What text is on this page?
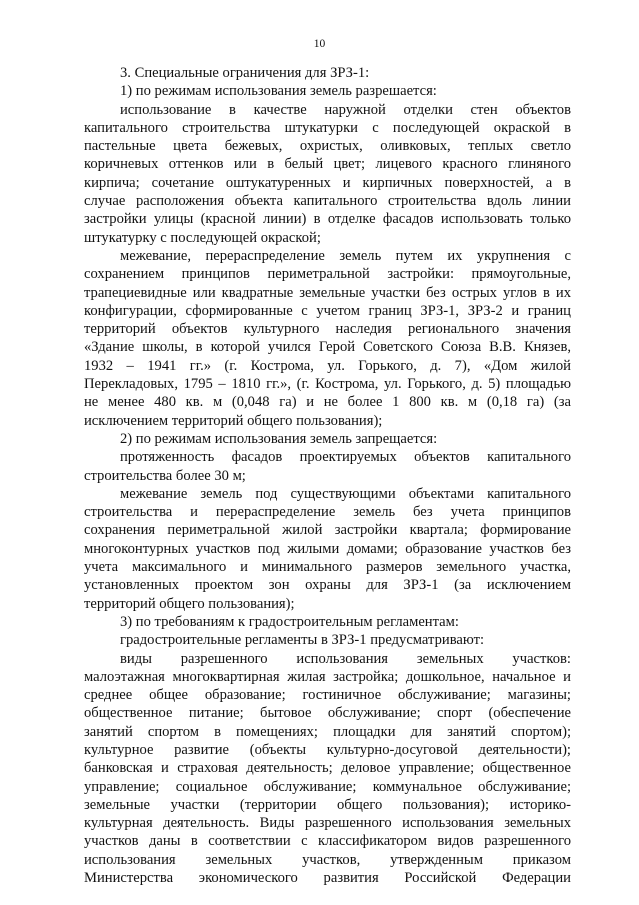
10
3. Специальные ограничения для ЗРЗ-1:
1) по режимам использования земель разрешается:
использование в качестве наружной отделки стен объектов
капитального строительства штукатурки с последующей окраской в
пастельные цвета бежевых, охристых, оливковых, теплых светло
коричневых оттенков или в белый цвет; лицевого красного глиняного
кирпича; сочетание оштукатуренных и кирпичных поверхностей, а в
случае расположения объекта капитального строительства вдоль линии
застройки улицы (красной линии) в отделке фасадов использовать только
штукатурку с последующей окраской;
межевание, перераспределение земель путем их укрупнения с
сохранением принципов периметральной застройки: прямоугольные,
трапециевидные или квадратные земельные участки без острых углов в их
конфигурации, сформированные с учетом границ ЗРЗ-1, ЗРЗ-2 и границ
территорий объектов культурного наследия регионального значения
«Здание школы, в которой учился Герой Советского Союза В.В. Князев,
1932 – 1941 гг.» (г. Кострома, ул. Горького, д. 7), «Дом жилой
Перекладовых, 1795 – 1810 гг.», (г. Кострома, ул. Горького, д. 5) площадью
не менее 480 кв. м (0,048 га) и не более 1 800 кв. м (0,18 га) (за
исключением территорий общего пользования);
2) по режимам использования земель запрещается:
протяженность фасадов проектируемых объектов капитального
строительства более 30 м;
межевание земель под существующими объектами капитального
строительства и перераспределение земель без учета принципов
сохранения периметральной жилой застройки квартала; формирование
многоконтурных участков под жилыми домами; образование участков без
учета максимального и минимального размеров земельного участка,
установленных проектом зон охраны для ЗРЗ-1 (за исключением
территорий общего пользования);
3) по требованиям к градостроительным регламентам:
градостроительные регламенты в ЗРЗ-1 предусматривают:
виды разрешенного использования земельных участков:
малоэтажная многоквартирная жилая застройка; дошкольное, начальное и
среднее общее образование; гостиничное обслуживание; магазины;
общественное питание; бытовое обслуживание; спорт (обеспечение
занятий спортом в помещениях; площадки для занятий спортом);
культурное развитие (объекты культурно-досуговой деятельности);
банковская и страховая деятельность; деловое управление; общественное
управление; социальное обслуживание; коммунальное обслуживание;
земельные участки (территории общего пользования); историко-
культурная деятельность. Виды разрешенного использования земельных
участков даны в соответствии с классификатором видов разрешенного
использования земельных участков, утвержденным приказом
Министерства экономического развития Российской Федерации
